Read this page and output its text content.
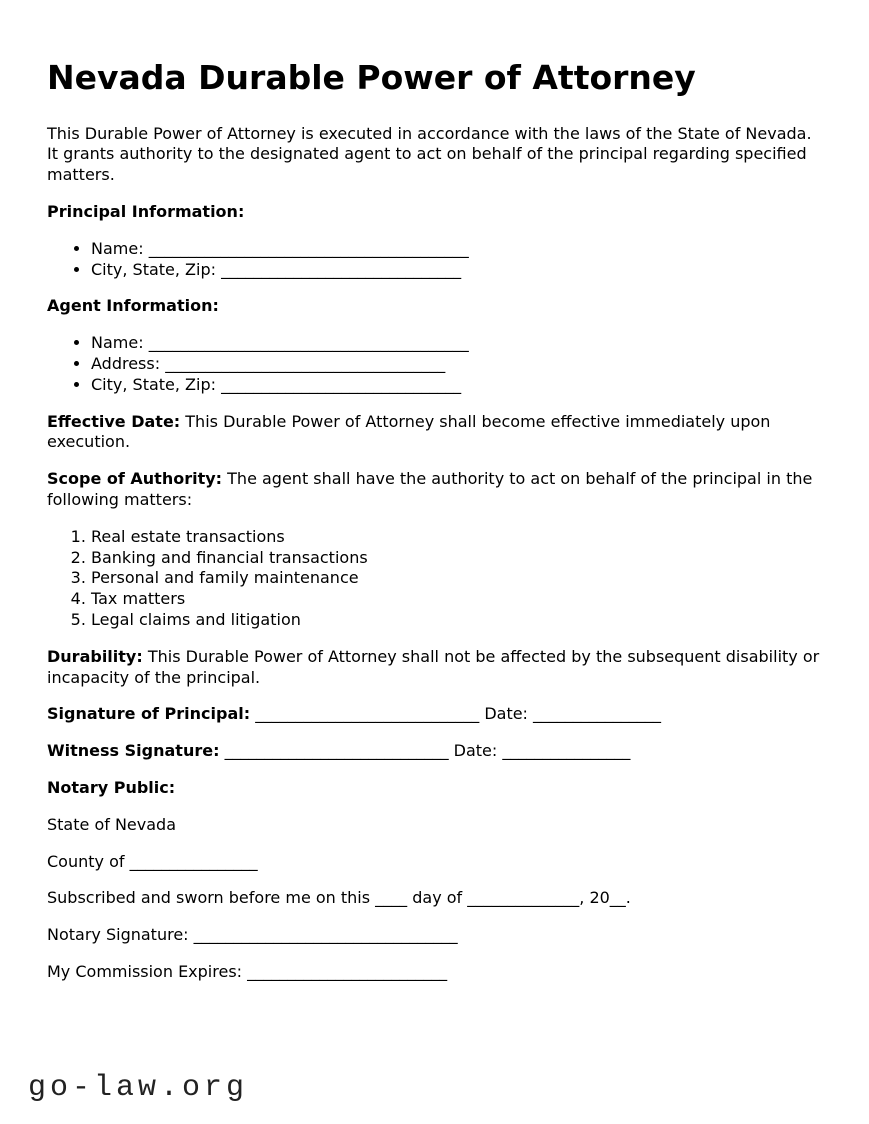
Nevada Durable Power of Attorney

This Durable Power of Attorney is executed in accordance with the laws of the State of Nevada. It grants authority to the designated agent to act on behalf of the principal regarding specified matters.

Principal Information:

• Name: ________________________________________
• City, State, Zip: ______________________________

Agent Information:

• Name: ________________________________________
• Address: ___________________________________
• City, State, Zip: ______________________________

Effective Date: This Durable Power of Attorney shall become effective immediately upon execution.

Scope of Authority: The agent shall have the authority to act on behalf of the principal in the following matters:

1. Real estate transactions
2. Banking and financial transactions
3. Personal and family maintenance
4. Tax matters
5. Legal claims and litigation

Durability: This Durable Power of Attorney shall not be affected by the subsequent disability or incapacity of the principal.

Signature of Principal: ____________________________ Date: ________________

Witness Signature: ____________________________ Date: ________________

Notary Public:

State of Nevada

County of ________________

Subscribed and sworn before me on this ____ day of ______________, 20__.

Notary Signature: _________________________________

My Commission Expires: _________________________

go-law.org
